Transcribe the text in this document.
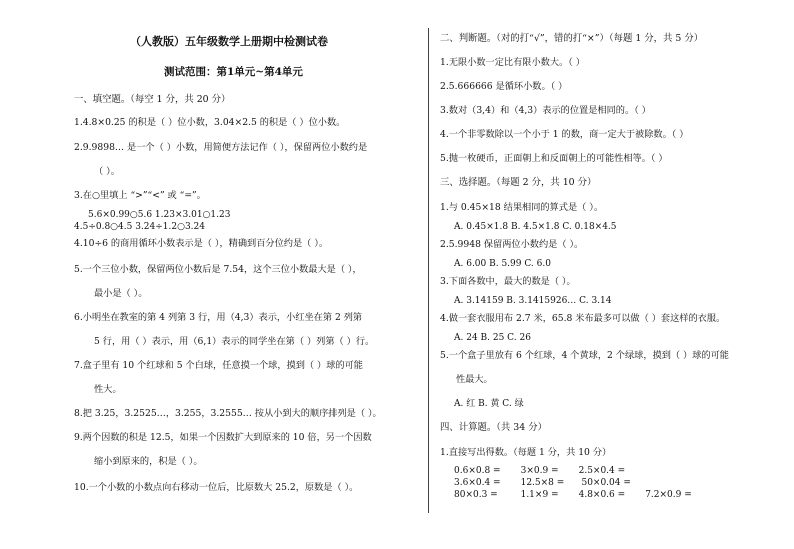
（人教版）五年级数学上册期中检测试卷
测试范围：第1单元~第4单元
一、填空题。（每空 1 分，共 20 分）
1.4.8×0.25 的积是（ ）位小数，3.04×2.5 的积是（ ）位小数。
2.9.9898… 是一个（ ）小数，用简便方法记作（ ），保留两位小数约是
（ ）。
3.在○里填上 “>”“<” 或 “=”。
5.6×0.99○5.6 1.23×3.01○1.23
4.5÷0.8○4.5 3.24÷1.2○3.24
4.10÷6 的商用循环小数表示是（ ），精确到百分位约是（ ）。
5.一个三位小数，保留两位小数后是 7.54，这个三位小数最大是（ ），
最小是（ ）。
6.小明坐在教室的第 4 列第 3 行，用（4,3）表示，小红坐在第 2 列第
5 行，用（ ）表示，用（6,1）表示的同学坐在第（ ）列第（ ）行。
7.盒子里有 10 个红球和 5 个白球，任意摸一个球，摸到（ ）球的可能
性大。
8.把 3.25，3.2525…，3.255，3.2555… 按从小到大的顺序排列是（ ）。
9.两个因数的积是 12.5，如果一个因数扩大到原来的 10 倍，另一个因数
缩小到原来的，积是（ ）。
10.一个小数的小数点向右移动一位后，比原数大 25.2，原数是（ ）。
二、判断题。（对的打“√”，错的打“×”）（每题 1 分，共 5 分）
1.无限小数一定比有限小数大。（ ）
2.5.666666 是循环小数。（ ）
3.数对（3,4）和（4,3）表示的位置是相同的。（ ）
4.一个非零数除以一个小于 1 的数，商一定大于被除数。（ ）
5.抛一枚硬币，正面朝上和反面朝上的可能性相等。（ ）
三、选择题。（每题 2 分，共 10 分）
1.与 0.45×18 结果相同的算式是（ ）。
A. 0.45×1.8 B. 4.5×1.8 C. 0.18×4.5
2.5.9948 保留两位小数约是（ ）。
A. 6.00 B. 5.99 C. 6.0
3.下面各数中，最大的数是（ ）。
A. 3.14159 B. 3.1415926… C. 3.14
4.做一套衣服用布 2.7 米，65.8 米布最多可以做（ ）套这样的衣服。
A. 24 B. 25 C. 26
5.一个盒子里放有 6 个红球，4 个黄球，2 个绿球，摸到（ ）球的可能
性最大。
A. 红 B. 黄 C. 绿
四、计算题。（共 34 分）
1.直接写出得数。（每题 1 分，共 10 分）
0.6×0.8 =       3×0.9 =       2.5×0.4 =
3.6×0.4 =       12.5×8 =      50×0.04 =
80×0.3 =        1.1×9 =       4.8×0.6 =       7.2×0.9 =
